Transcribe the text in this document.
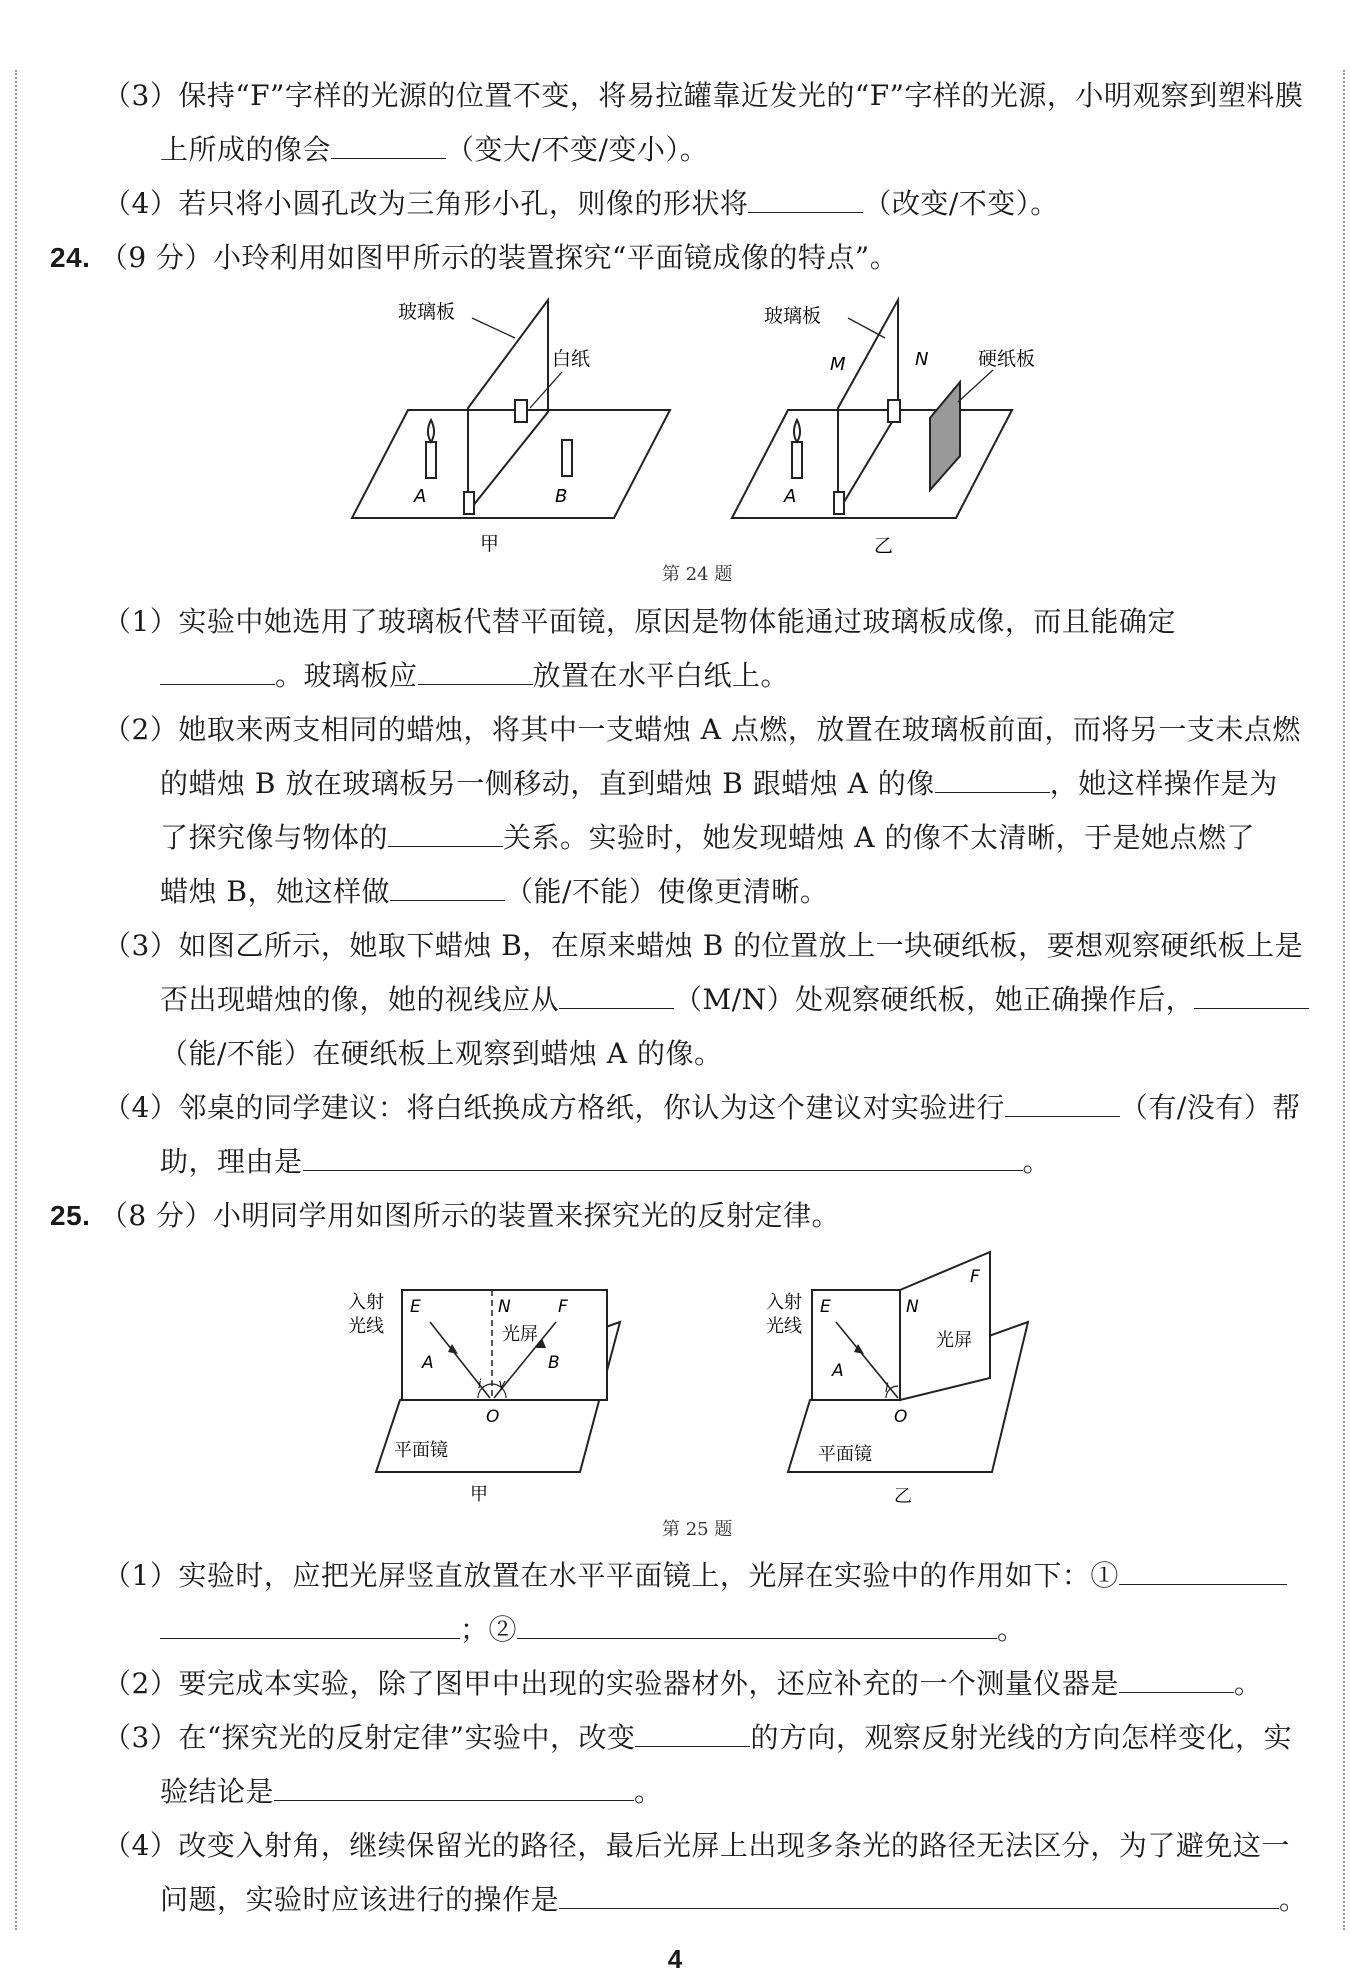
（3）保持“F”字样的光源的位置不变，将易拉罐靠近发光的“F”字样的光源，小明观察到塑料膜
上所成的像会	（变大/不变/变小）。
（4）若只将小圆孔改为三角形小孔，则像的形状将	（改变/不变）。
24. （9 分）小玲利用如图甲所示的装置探究“平面镜成像的特点”。
玻璃板
白纸
A	B
甲
玻璃板
M	N	硬纸板
A
乙
第 24 题
（1）实验中她选用了玻璃板代替平面镜，原因是物体能通过玻璃板成像，而且能确定
。玻璃板应	放置在水平白纸上。
（2）她取来两支相同的蜡烛，将其中一支蜡烛 A 点燃，放置在玻璃板前面，而将另一支未点燃
的蜡烛 B 放在玻璃板另一侧移动，直到蜡烛 B 跟蜡烛 A 的像	，她这样操作是为
了探究像与物体的	关系。实验时，她发现蜡烛 A 的像不太清晰，于是她点燃了
蜡烛 B，她这样做	（能/不能）使像更清晰。
（3）如图乙所示，她取下蜡烛 B，在原来蜡烛 B 的位置放上一块硬纸板，要想观察硬纸板上是
否出现蜡烛的像，她的视线应从	（M/N）处观察硬纸板，她正确操作后，
（能/不能）在硬纸板上观察到蜡烛 A 的像。
（4）邻桌的同学建议：将白纸换成方格纸，你认为这个建议对实验进行	（有/没有）帮
助，理由是	。
25. （8 分）小明同学用如图所示的装置来探究光的反射定律。
入射
光线
E	N	F
光屏
A	B
O
i γ
平面镜
甲
入射
光线
E	N
F
光屏
A
O
i
平面镜
乙
第 25 题
（1）实验时，应把光屏竖直放置在水平平面镜上，光屏在实验中的作用如下：①
；②	。
（2）要完成本实验，除了图甲中出现的实验器材外，还应补充的一个测量仪器是	。
（3）在“探究光的反射定律”实验中，改变	的方向，观察反射光线的方向怎样变化，实
验结论是	。
（4）改变入射角，继续保留光的路径，最后光屏上出现多条光的路径无法区分，为了避免这一
问题，实验时应该进行的操作是	。
4
